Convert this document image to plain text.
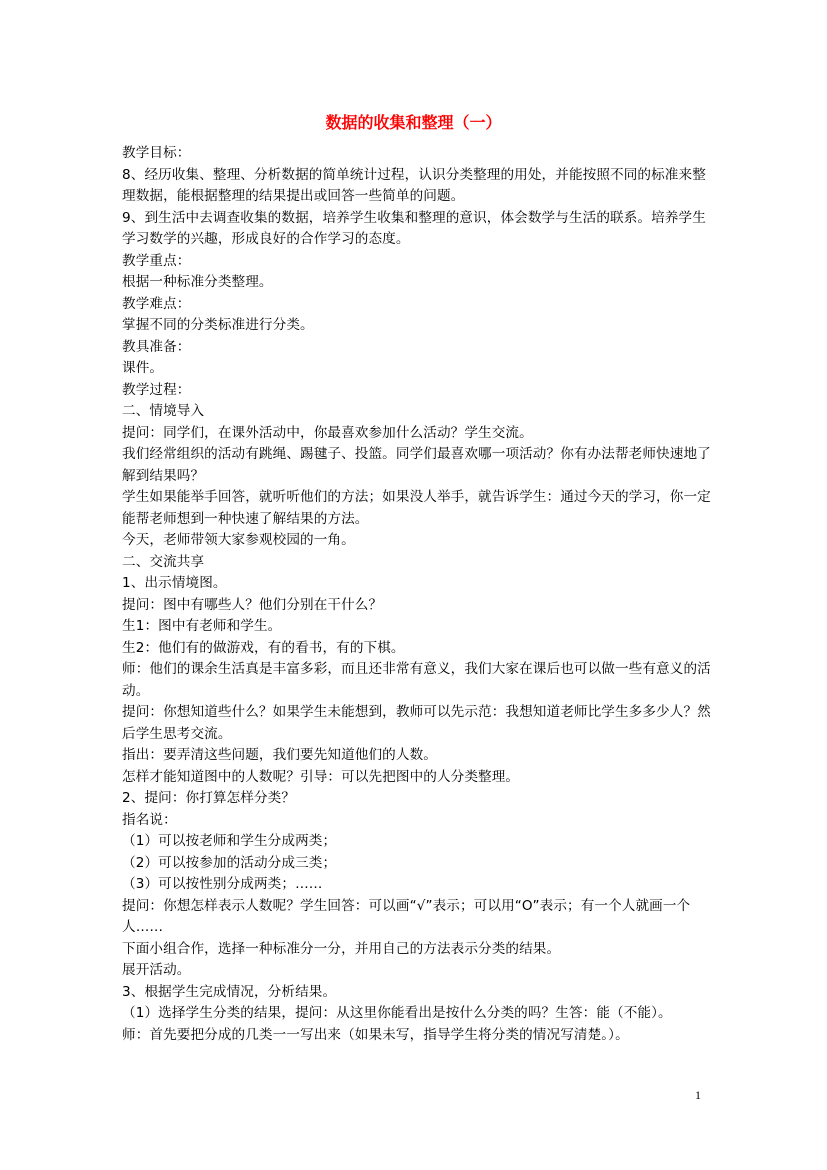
数据的收集和整理（一）

教学目标：

8、经历收集、整理、分析数据的简单统计过程，认识分类整理的用处，并能按照不同的标准来整理数据，能根据整理的结果提出或回答一些简单的问题。

9、到生活中去调查收集的数据，培养学生收集和整理的意识，体会数学与生活的联系。培养学生学习数学的兴趣，形成良好的合作学习的态度。

教学重点：

根据一种标准分类整理。

教学难点：

掌握不同的分类标准进行分类。

教具准备：

课件。

教学过程：

二、情境导入

提问：同学们，在课外活动中，你最喜欢参加什么活动？学生交流。

我们经常组织的活动有跳绳、踢毽子、投篮。同学们最喜欢哪一项活动？你有办法帮老师快速地了解到结果吗？

学生如果能举手回答，就听听他们的方法；如果没人举手，就告诉学生：通过今天的学习，你一定能帮老师想到一种快速了解结果的方法。

今天，老师带领大家参观校园的一角。

二、交流共享

1、出示情境图。

提问：图中有哪些人？他们分别在干什么？

生1：图中有老师和学生。

生2：他们有的做游戏，有的看书，有的下棋。

师：他们的课余生活真是丰富多彩，而且还非常有意义，我们大家在课后也可以做一些有意义的活动。

提问：你想知道些什么？如果学生未能想到，教师可以先示范：我想知道老师比学生多多少人？然后学生思考交流。

指出：要弄清这些问题，我们要先知道他们的人数。

怎样才能知道图中的人数呢？引导：可以先把图中的人分类整理。

2、提问：你打算怎样分类？

指名说：

（1）可以按老师和学生分成两类；

（2）可以按参加的活动分成三类；

（3）可以按性别分成两类；……

提问：你想怎样表示人数呢？学生回答：可以画“√”表示；可以用“O”表示；有一个人就画一个人……

下面小组合作，选择一种标准分一分，并用自己的方法表示分类的结果。

展开活动。

3、根据学生完成情况，分析结果。

（1）选择学生分类的结果，提问：从这里你能看出是按什么分类的吗？生答：能（不能）。

师：首先要把分成的几类一一写出来（如果未写，指导学生将分类的情况写清楚。）。

1
